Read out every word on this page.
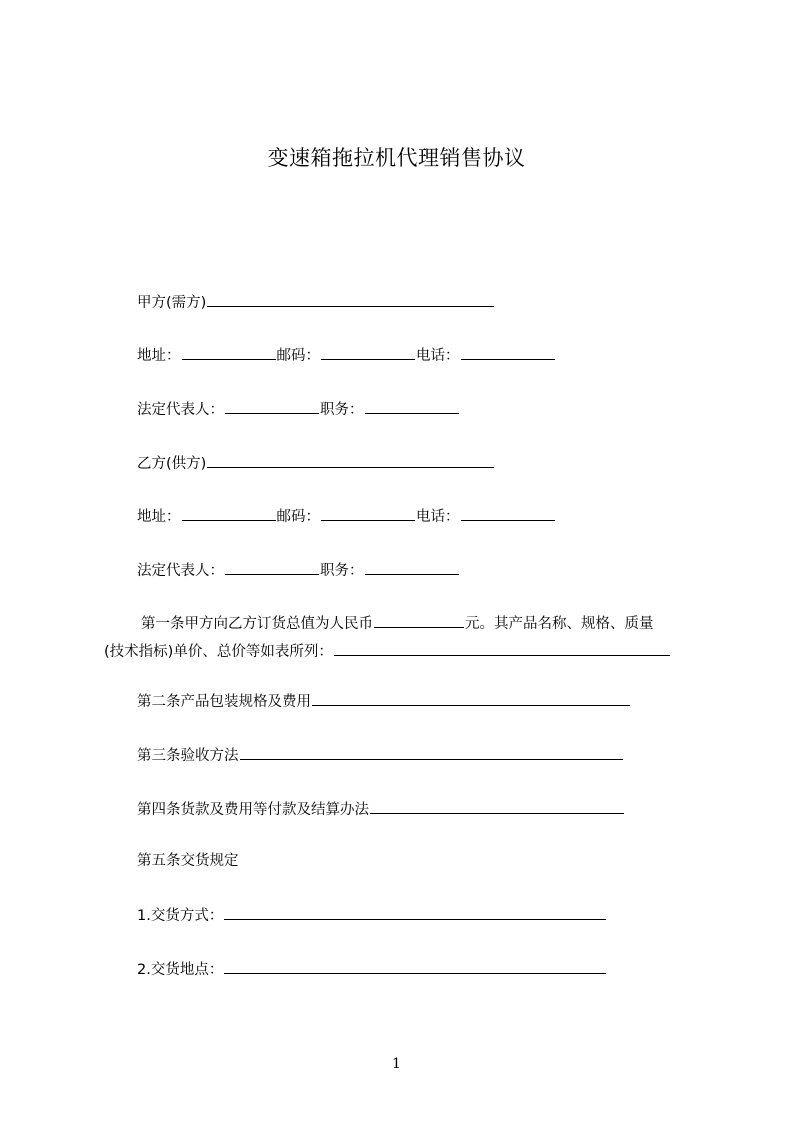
变速箱拖拉机代理销售协议
甲方(需方)
地址：	邮码：	电话：
法定代表人：	职务：
乙方(供方)
地址：	邮码：	电话：
法定代表人：	职务：
第一条甲方向乙方订货总值为人民币	元。其产品名称、规格、质量
(技术指标)单价、总价等如表所列：
第二条产品包装规格及费用
第三条验收方法
第四条货款及费用等付款及结算办法
第五条交货规定
1.交货方式：
2.交货地点：
1
